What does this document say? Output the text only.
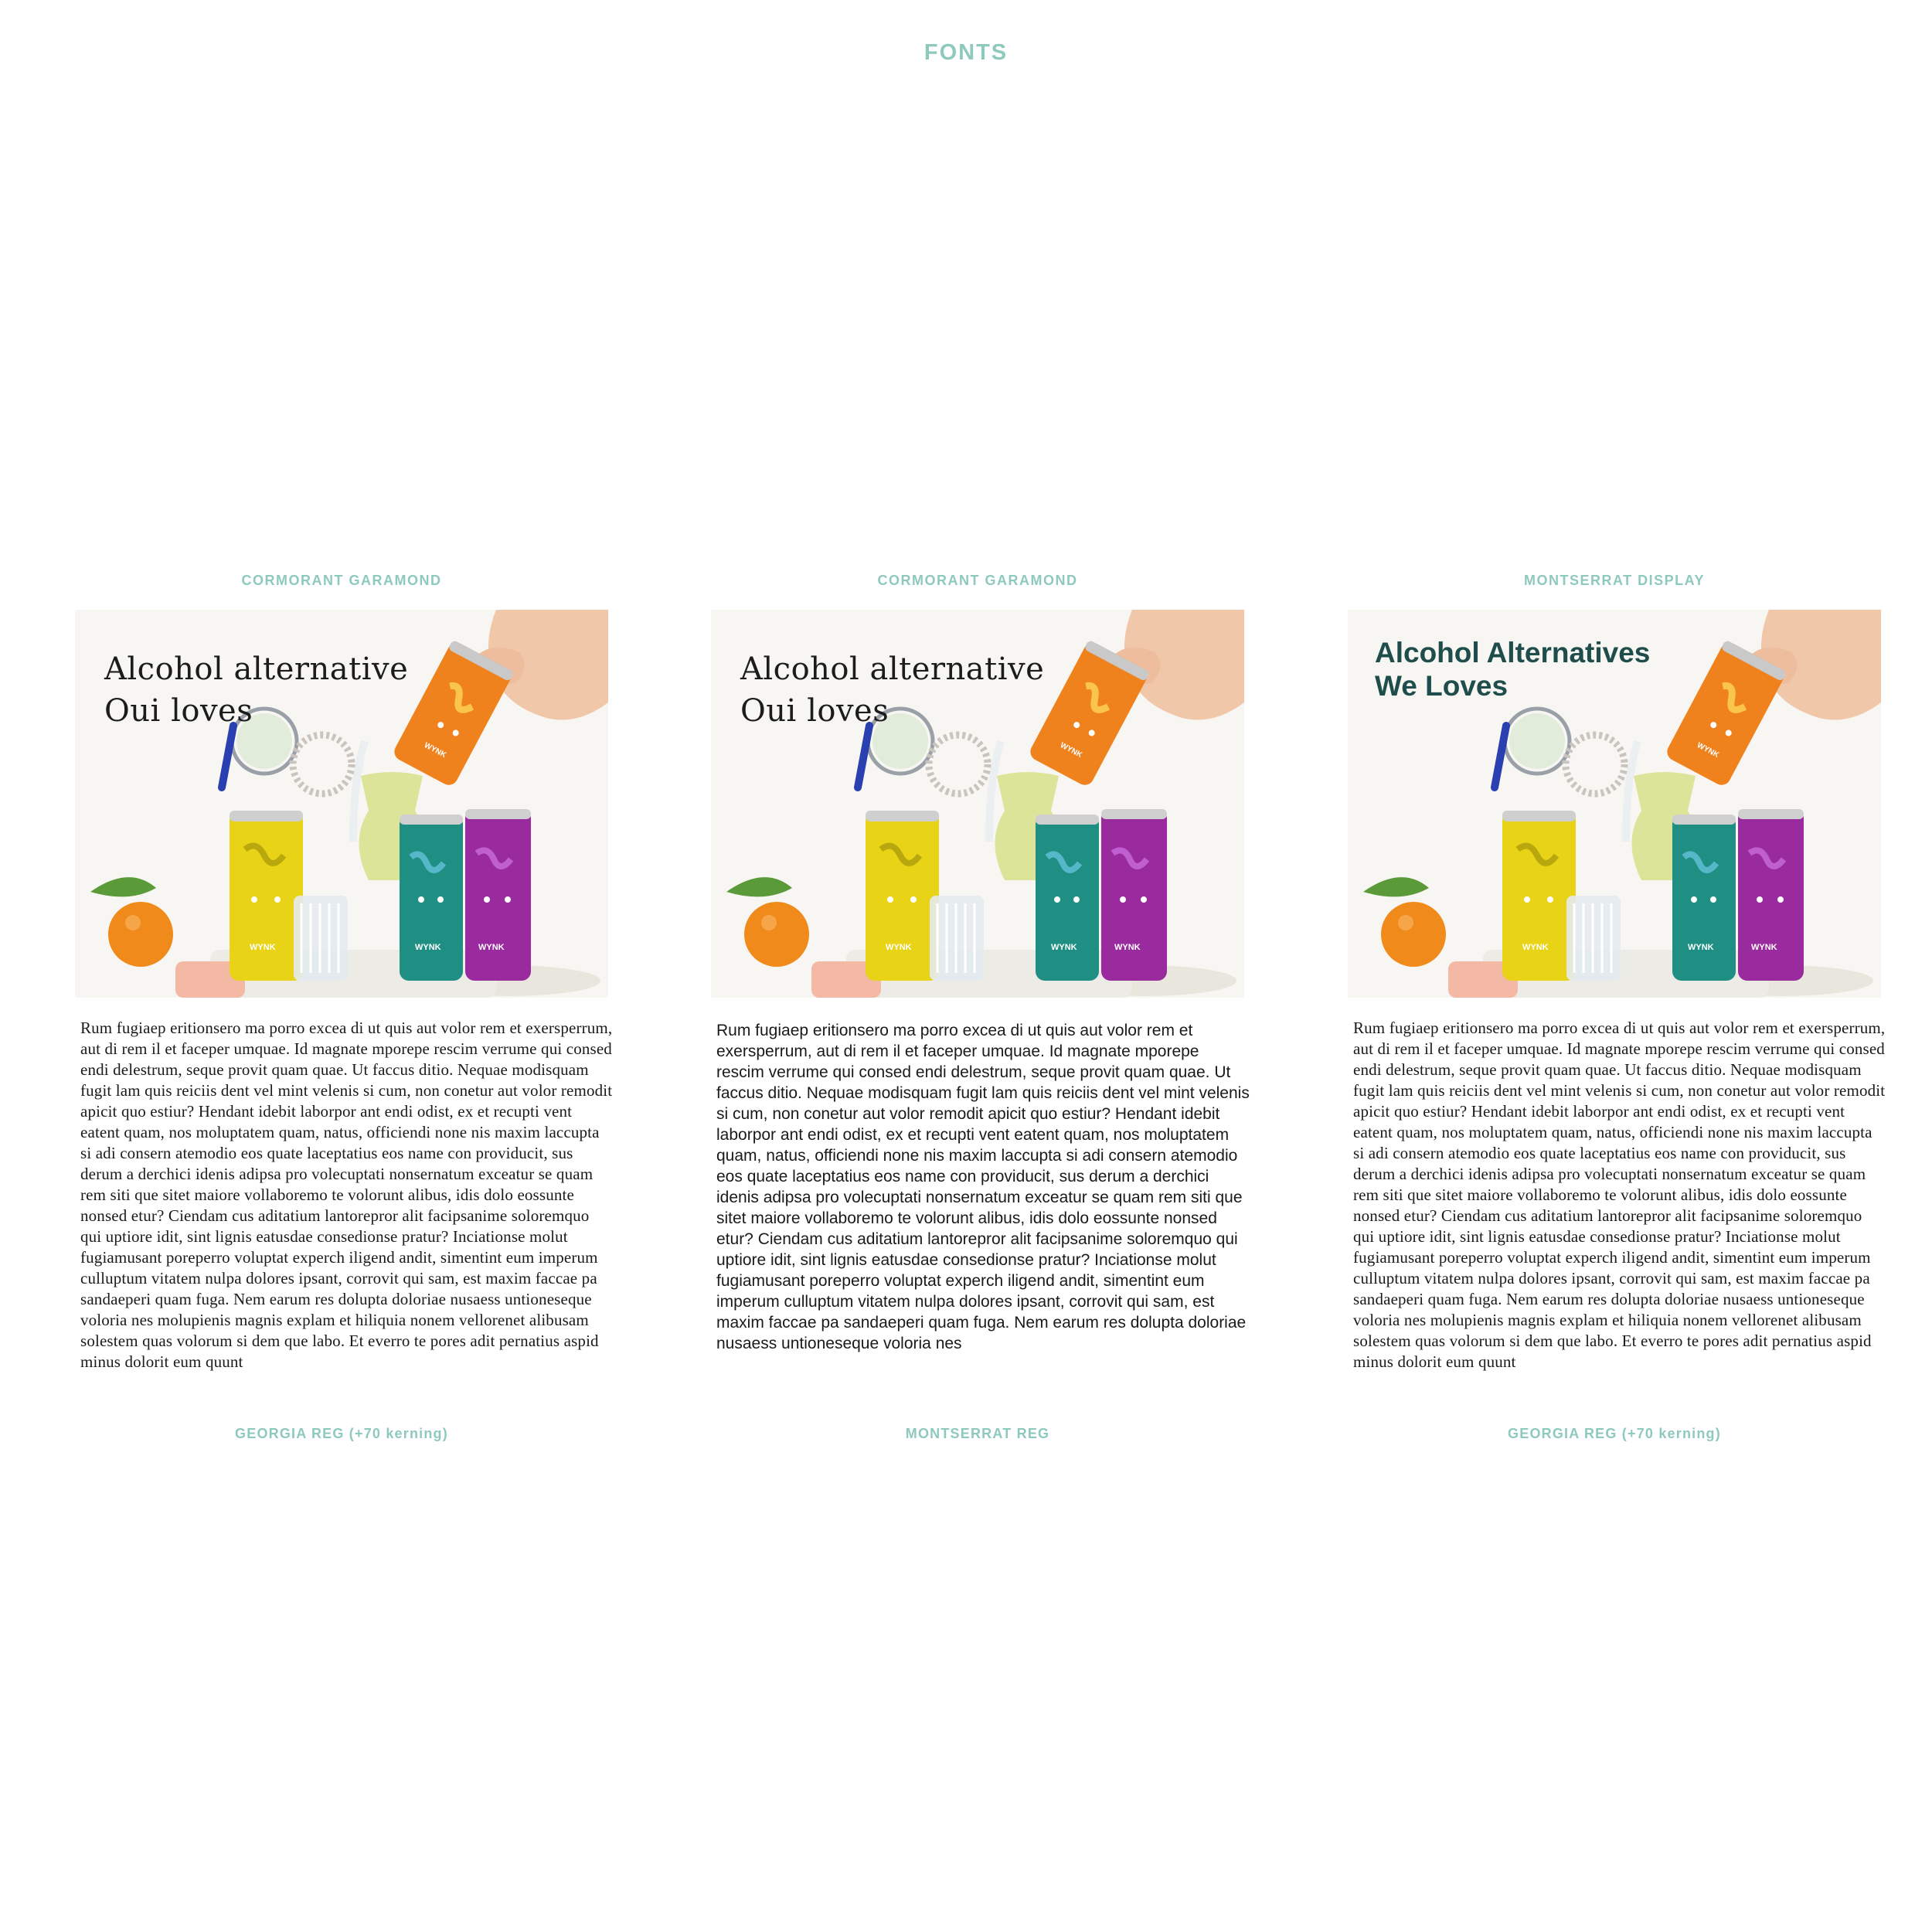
FONTS
CORMORANT GARAMOND
Alcohol alternative
Oui loves
WYNK
WYNK	WYNK	WYNK

Rum fugiaep eritionsero ma porro excea di ut quis aut volor rem et exersperrum, aut di rem il et faceper umquae. Id magnate mporepe rescim verrume qui consed endi delestrum, seque provit quam quae. Ut faccus ditio. Nequae modisquam fugit lam quis reiciis dent vel mint velenis si cum, non conetur aut volor remodit apicit quo estiur? Hendant idebit laborpor ant endi odist, ex et recupti vent eatent quam, nos moluptatem quam, natus, officiendi none nis maxim laccupta si adi consern atemodio eos quate laceptatius eos name con providucit, sus derum a derchici idenis adipsa pro volecuptati nonsernatum exceatur se quam rem siti que sitet maiore vollaboremo te volorunt alibus, idis dolo eossunte nonsed etur? Ciendam cus aditatium lantorepror alit facipsanime soloremquo qui uptiore idit, sint lignis eatusdae consedionse pratur? Inciationse molut fugiamusant poreperro voluptat experch iligend andit, simentint eum imperum culluptum vitatem nulpa dolores ipsant, corrovit qui sam, est maxim faccae pa sandaeperi quam fuga. Nem earum res dolupta doloriae nusaess untioneseque voloria nes molupienis magnis explam et hiliquia nonem vellorenet alibusam solestem quas volorum si dem que labo. Et everro te pores adit pernatius aspid minus dolorit eum quunt

GEORGIA REG (+70 kerning)
CORMORANT GARAMOND
Alcohol alternative
Oui loves
WYNK
WYNK	WYNK	WYNK

Rum fugiaep eritionsero ma porro excea di ut quis aut volor rem et exersperrum, aut di rem il et faceper umquae. Id magnate mporepe rescim verrume qui consed endi delestrum, seque provit quam quae. Ut faccus ditio. Nequae modisquam fugit lam quis reiciis dent vel mint velenis si cum, non conetur aut volor remodit apicit quo estiur? Hendant idebit laborpor ant endi odist, ex et recupti vent eatent quam, nos moluptatem quam, natus, officiendi none nis maxim laccupta si adi consern atemodio eos quate laceptatius eos name con providucit, sus derum a derchici idenis adipsa pro volecuptati nonsernatum exceatur se quam rem siti que sitet maiore vollaboremo te volorunt alibus, idis dolo eossunte nonsed etur? Ciendam cus aditatium lantorepror alit facipsanime soloremquo qui uptiore idit, sint lignis eatusdae consedionse pratur? Inciationse molut fugiamusant poreperro voluptat experch iligend andit, simentint eum imperum culluptum vitatem nulpa dolores ipsant, corrovit qui sam, est maxim faccae pa sandaeperi quam fuga. Nem earum res dolupta doloriae nusaess untioneseque voloria nes

MONTSERRAT REG
MONTSERRAT DISPLAY
Alcohol Alternatives
We Loves
WYNK
WYNK	WYNK	WYNK

Rum fugiaep eritionsero ma porro excea di ut quis aut volor rem et exersperrum, aut di rem il et faceper umquae. Id magnate mporepe rescim verrume qui consed endi delestrum, seque provit quam quae. Ut faccus ditio. Nequae modisquam fugit lam quis reiciis dent vel mint velenis si cum, non conetur aut volor remodit apicit quo estiur? Hendant idebit laborpor ant endi odist, ex et recupti vent eatent quam, nos moluptatem quam, natus, officiendi none nis maxim laccupta si adi consern atemodio eos quate laceptatius eos name con providucit, sus derum a derchici idenis adipsa pro volecuptati nonsernatum exceatur se quam rem siti que sitet maiore vollaboremo te volorunt alibus, idis dolo eossunte nonsed etur? Ciendam cus aditatium lantorepror alit facipsanime soloremquo qui uptiore idit, sint lignis eatusdae consedionse pratur? Inciationse molut fugiamusant poreperro voluptat experch iligend andit, simentint eum imperum culluptum vitatem nulpa dolores ipsant, corrovit qui sam, est maxim faccae pa sandaeperi quam fuga. Nem earum res dolupta doloriae nusaess untioneseque voloria nes molupienis magnis explam et hiliquia nonem vellorenet alibusam solestem quas volorum si dem que labo. Et everro te pores adit pernatius aspid minus dolorit eum quunt

GEORGIA REG (+70 kerning)
